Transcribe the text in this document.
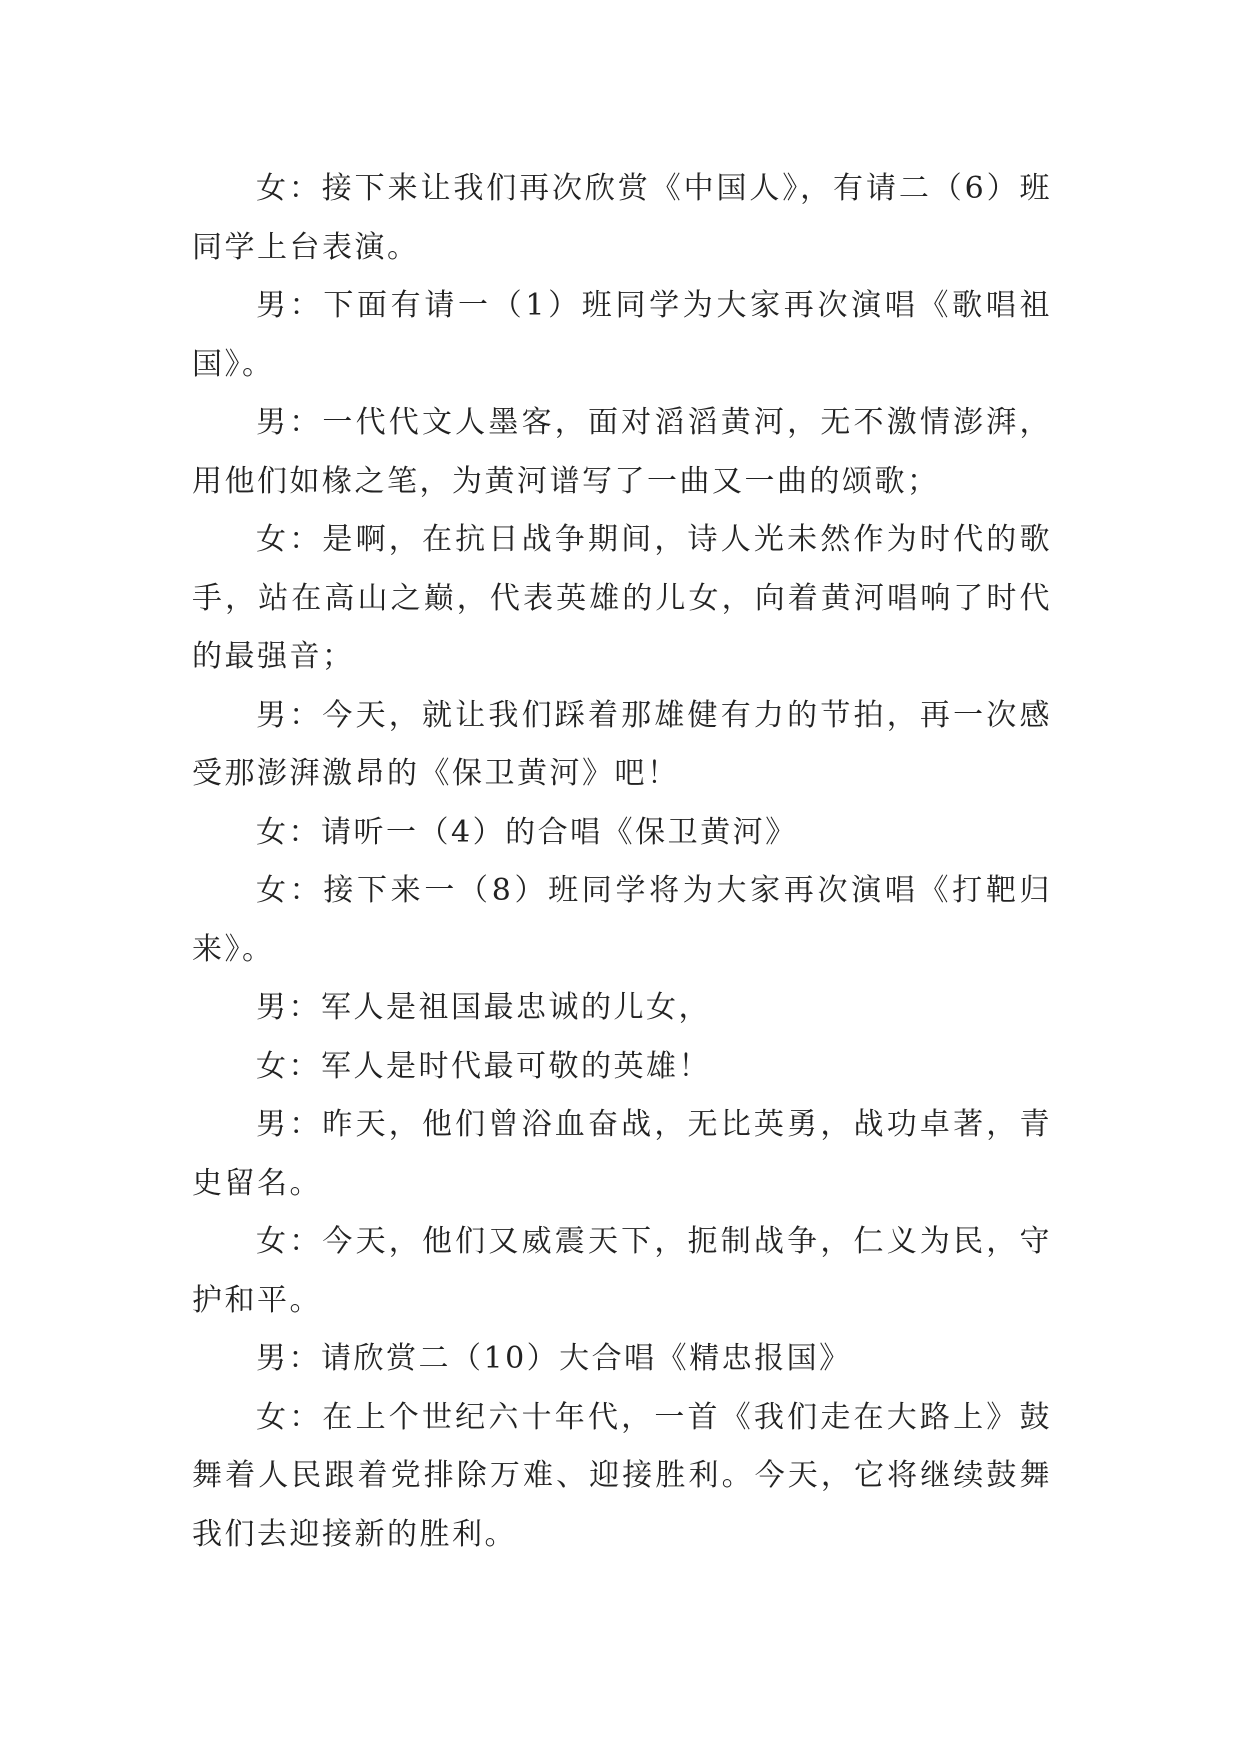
女：接下来让我们再次欣赏《中国人》，有请二（6）班同学上台表演。

男：下面有请一（1）班同学为大家再次演唱《歌唱祖国》。

男：一代代文人墨客，面对滔滔黄河，无不激情澎湃，用他们如椽之笔，为黄河谱写了一曲又一曲的颂歌；

女：是啊，在抗日战争期间，诗人光未然作为时代的歌手，站在高山之巅，代表英雄的儿女，向着黄河唱响了时代的最强音；

男：今天，就让我们踩着那雄健有力的节拍，再一次感受那澎湃激昂的《保卫黄河》吧！

女：请听一（4）的合唱《保卫黄河》

女：接下来一（8）班同学将为大家再次演唱《打靶归来》。

男：军人是祖国最忠诚的儿女，

女：军人是时代最可敬的英雄！

男：昨天，他们曾浴血奋战，无比英勇，战功卓著，青史留名。

女：今天，他们又威震天下，扼制战争，仁义为民，守护和平。

男：请欣赏二（10）大合唱《精忠报国》

女：在上个世纪六十年代，一首《我们走在大路上》鼓舞着人民跟着党排除万难、迎接胜利。今天，它将继续鼓舞我们去迎接新的胜利。
